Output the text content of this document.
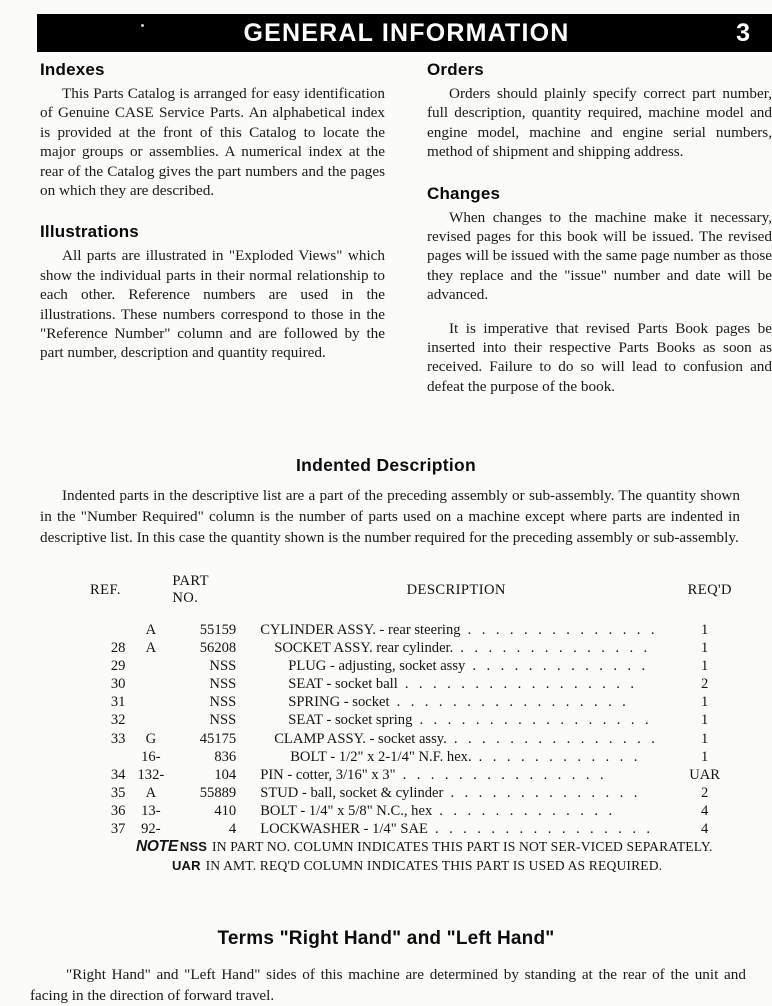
GENERAL INFORMATION	3
Indexes

This Parts Catalog is arranged for easy identification of Genuine CASE Service Parts. An alphabetical index is provided at the front of this Catalog to locate the major groups or assemblies. A numerical index at the rear of the Catalog gives the part numbers and the pages on which they are described.

Illustrations

All parts are illustrated in "Exploded Views" which show the individual parts in their normal relationship to each other. Reference numbers are used in the illustrations. These numbers correspond to those in the "Reference Number" column and are followed by the part number, description and quantity required.

Orders

Orders should plainly specify correct part number, full description, quantity required, machine model and engine model, machine and engine serial numbers, method of shipment and shipping address.

Changes

When changes to the machine make it necessary, revised pages for this book will be issued. The revised pages will be issued with the same page number as those they replace and the "issue" number and date will be advanced.

It is imperative that revised Parts Book pages be inserted into their respective Parts Books as soon as received. Failure to do so will lead to confusion and defeat the purpose of the book.

Indented Description

Indented parts in the descriptive list are a part of the preceding assembly or sub-assembly. The quantity shown in the "Number Required" column is the number of parts used on a machine except where parts are indented in descriptive list. In this case the quantity shown is the number required for the preceding assembly or sub-assembly.

REF.		PART NO.	DESCRIPTION	REQ'D
	A	55159	CYLINDER ASSY. - rear steering . . . . . . . . . . . . . .	1
28	A	56208	SOCKET ASSY. rear cylinder. . . . . . . . . . . . . . .	1
29		NSS	PLUG - adjusting, socket assy . . . . . . . . . . . . .	1
30		NSS	SEAT - socket ball . . . . . . . . . . . . . . . . .	2
31		NSS	SPRING - socket . . . . . . . . . . . . . . . . .	1
32		NSS	SEAT - socket spring . . . . . . . . . . . . . . . . .	1
33	G	45175	CLAMP ASSY. - socket assy. . . . . . . . . . . . . . . .	1
	16-	836	BOLT - 1/2" x 2-1/4" N.F. hex. . . . . . . . . . . . .	1
34	132-	104	PIN - cotter, 3/16" x 3" . . . . . . . . . . . . . . .	UAR
35	A	55889	STUD - ball, socket & cylinder . . . . . . . . . . . . . .	2
36	13-	410	BOLT - 1/4" x 5/8" N.C., hex . . . . . . . . . . . . .	4
37	92-	4	LOCKWASHER - 1/4" SAE . . . . . . . . . . . . . . . .	4
NOTE NSS IN PART NO. COLUMN INDICATES THIS PART IS NOT SER-VICED SEPARATELY.
UAR IN AMT. REQ'D COLUMN INDICATES THIS PART IS USED AS REQUIRED.
Terms "Right Hand" and "Left Hand"

"Right Hand" and "Left Hand" sides of this machine are determined by standing at the rear of the unit and facing in the direction of forward travel.
